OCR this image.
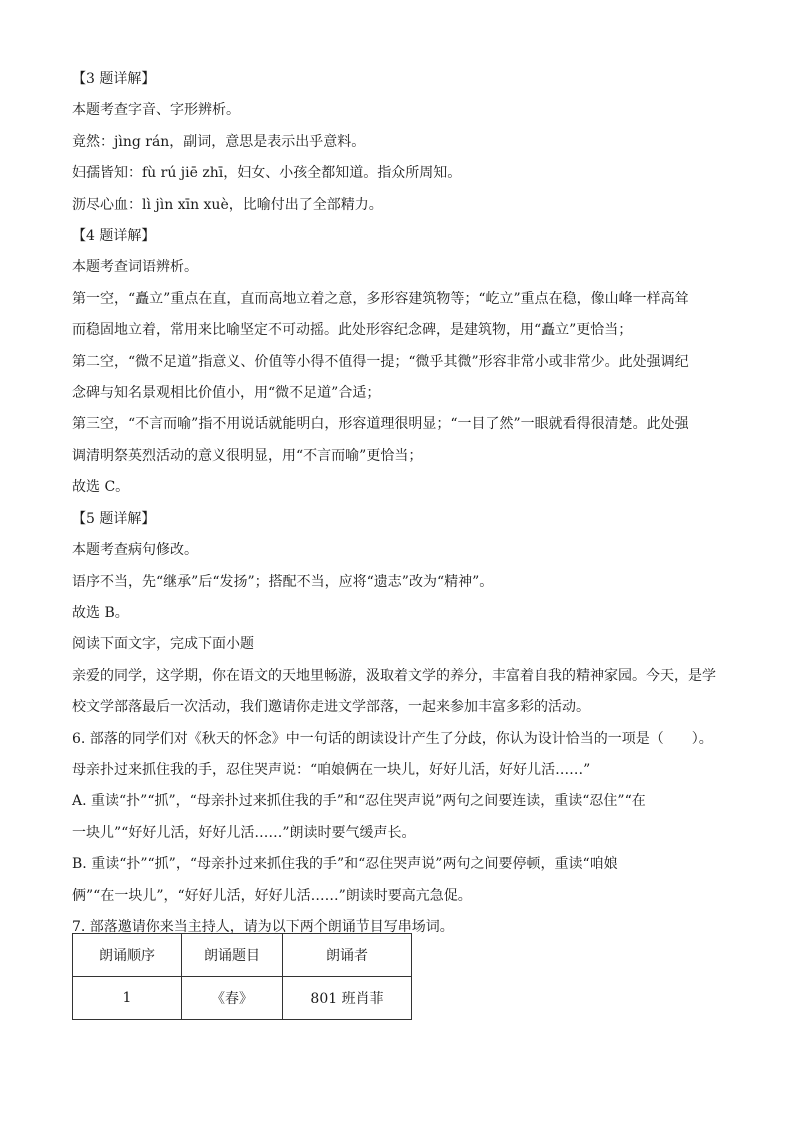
【3 题详解】
本题考查字音、字形辨析。
竟然：jìng rán，副词，意思是表示出乎意料。
妇孺皆知：fù rú jiē zhī，妇女、小孩全都知道。指众所周知。
沥尽心血：lì jìn xīn xuè，比喻付出了全部精力。
【4 题详解】
本题考查词语辨析。
第一空，“矗立”重点在直，直而高地立着之意，多形容建筑物等；“屹立”重点在稳，像山峰一样高耸
而稳固地立着，常用来比喻坚定不可动摇。此处形容纪念碑，是建筑物，用“矗立”更恰当；
第二空，“微不足道”指意义、价值等小得不值得一提；“微乎其微”形容非常小或非常少。此处强调纪
念碑与知名景观相比价值小，用“微不足道”合适；
第三空，“不言而喻”指不用说话就能明白，形容道理很明显；“一目了然”一眼就看得很清楚。此处强
调清明祭英烈活动的意义很明显，用“不言而喻”更恰当；
故选 C。
【5 题详解】
本题考查病句修改。
语序不当，先“继承”后“发扬”；搭配不当，应将“遗志”改为“精神”。
故选 B。
阅读下面文字，完成下面小题
亲爱的同学，这学期，你在语文的天地里畅游，汲取着文学的养分，丰富着自我的精神家园。今天，是学
校文学部落最后一次活动，我们邀请你走进文学部落，一起来参加丰富多彩的活动。
6. 部落的同学们对《秋天的怀念》中一句话的朗读设计产生了分歧，你认为设计恰当的一项是（　　）。
母亲扑过来抓住我的手，忍住哭声说：“咱娘俩在一块儿，好好儿活，好好儿活……”
A. 重读“扑”“抓”，“母亲扑过来抓住我的手”和“忍住哭声说”两句之间要连读，重读“忍住”“在
一块儿”“好好儿活，好好儿活……”朗读时要气缓声长。
B. 重读“扑”“抓”，“母亲扑过来抓住我的手”和“忍住哭声说”两句之间要停顿，重读“咱娘
俩”“在一块儿”，“好好儿活，好好儿活……”朗读时要高亢急促。
7. 部落邀请你来当主持人，请为以下两个朗诵节目写串场词。
朗诵顺序	朗诵题目	朗诵者
1	《春》	801 班肖菲
